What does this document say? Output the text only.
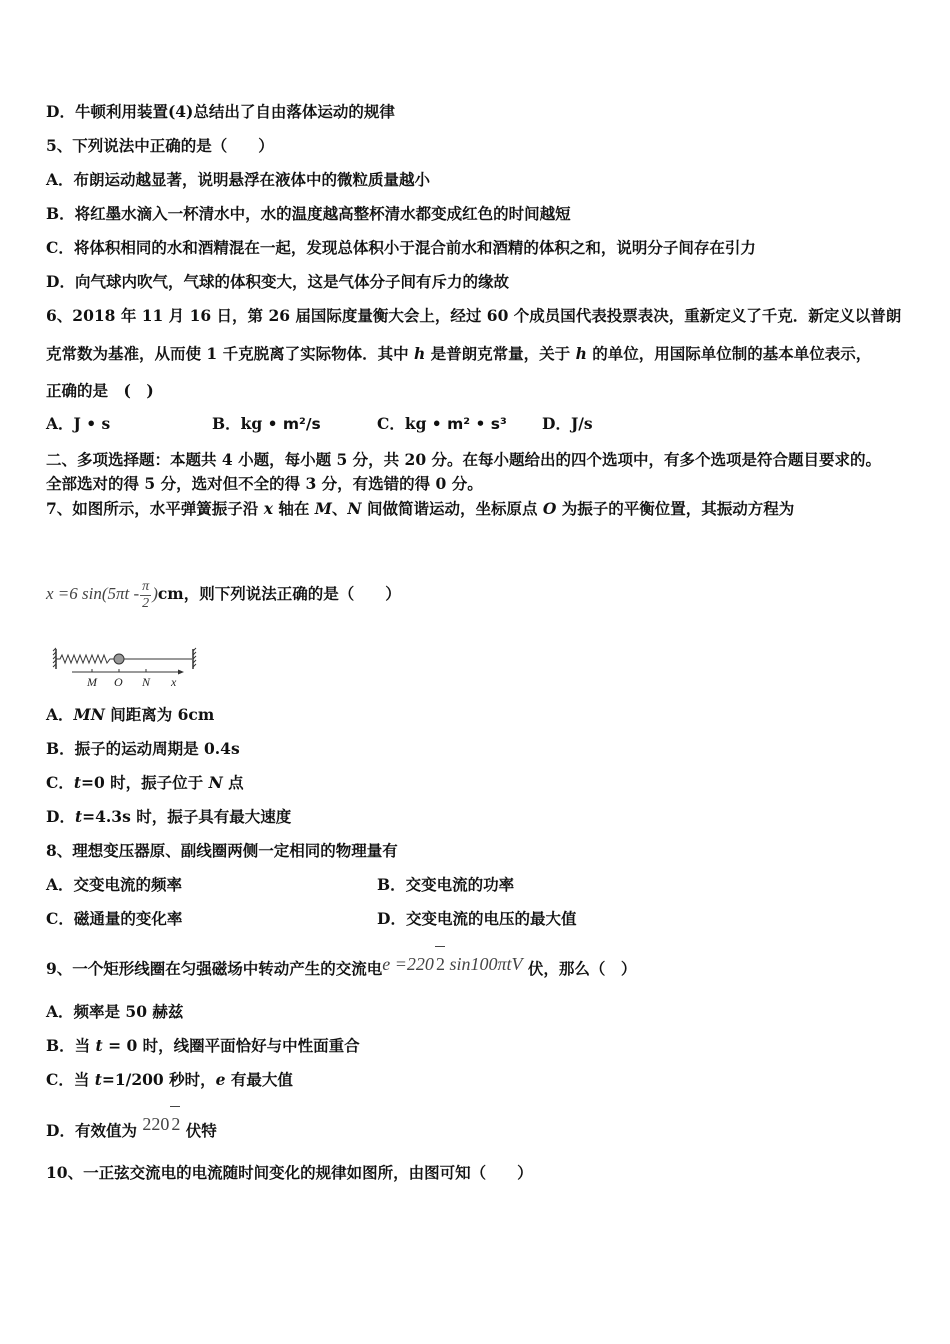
D．牛顿利用装置(4)总结出了自由落体运动的规律
5、下列说法中正确的是（　　）
A．布朗运动越显著，说明悬浮在液体中的微粒质量越小
B．将红墨水滴入一杯清水中，水的温度越高整杯清水都变成红色的时间越短
C．将体积相同的水和酒精混在一起，发现总体积小于混合前水和酒精的体积之和，说明分子间存在引力
D．向气球内吹气，气球的体积变大，这是气体分子间有斥力的缘故
6、2018 年 11 月 16 日，第 26 届国际度量衡大会上，经过 60 个成员国代表投票表决，重新定义了千克．新定义以普朗
克常数为基准，从而使 1 千克脱离了实际物体．其中 h 是普朗克常量，关于 h 的单位，用国际单位制的基本单位表示，
正确的是　(　)
A．J • s	B．kg • m²/s	C．kg • m² • s³ D．J/s
二、多项选择题：本题共 4 小题，每小题 5 分，共 20 分。在每小题给出的四个选项中，有多个选项是符合题目要求的。
全部选对的得 5 分，选对但不全的得 3 分，有选错的得 0 分。
7、如图所示，水平弹簧振子沿 x 轴在 M、N 间做简谐运动，坐标原点 O 为振子的平衡位置，其振动方程为
x =6 $\sin(5\pi t - \frac{\pi}{2} )cm$，则下列说法正确的是（　　）
M O N x
A．MN 间距离为 6cm
B．振子的运动周期是 0.4s
C．t=0 时，振子位于 N 点
D．t=4.3s 时，振子具有最大速度
8、理想变压器原、副线圈两侧一定相同的物理量有
A．交变电流的频率	B．交变电流的功率
C．磁通量的变化率	D．交变电流的电压的最大值
9、一个矩形线圈在匀强磁场中转动产生的交流电e =220 2 sin100πtV 伏，那么（　）
A．频率是 50 赫兹
B．当 t = 0 时，线圈平面恰好与中性面重合
C．当 t=1/200 秒时，e 有最大值
D．有效值为 220 2 伏特
10、一正弦交流电的电流随时间变化的规律如图所，由图可知（　　）
